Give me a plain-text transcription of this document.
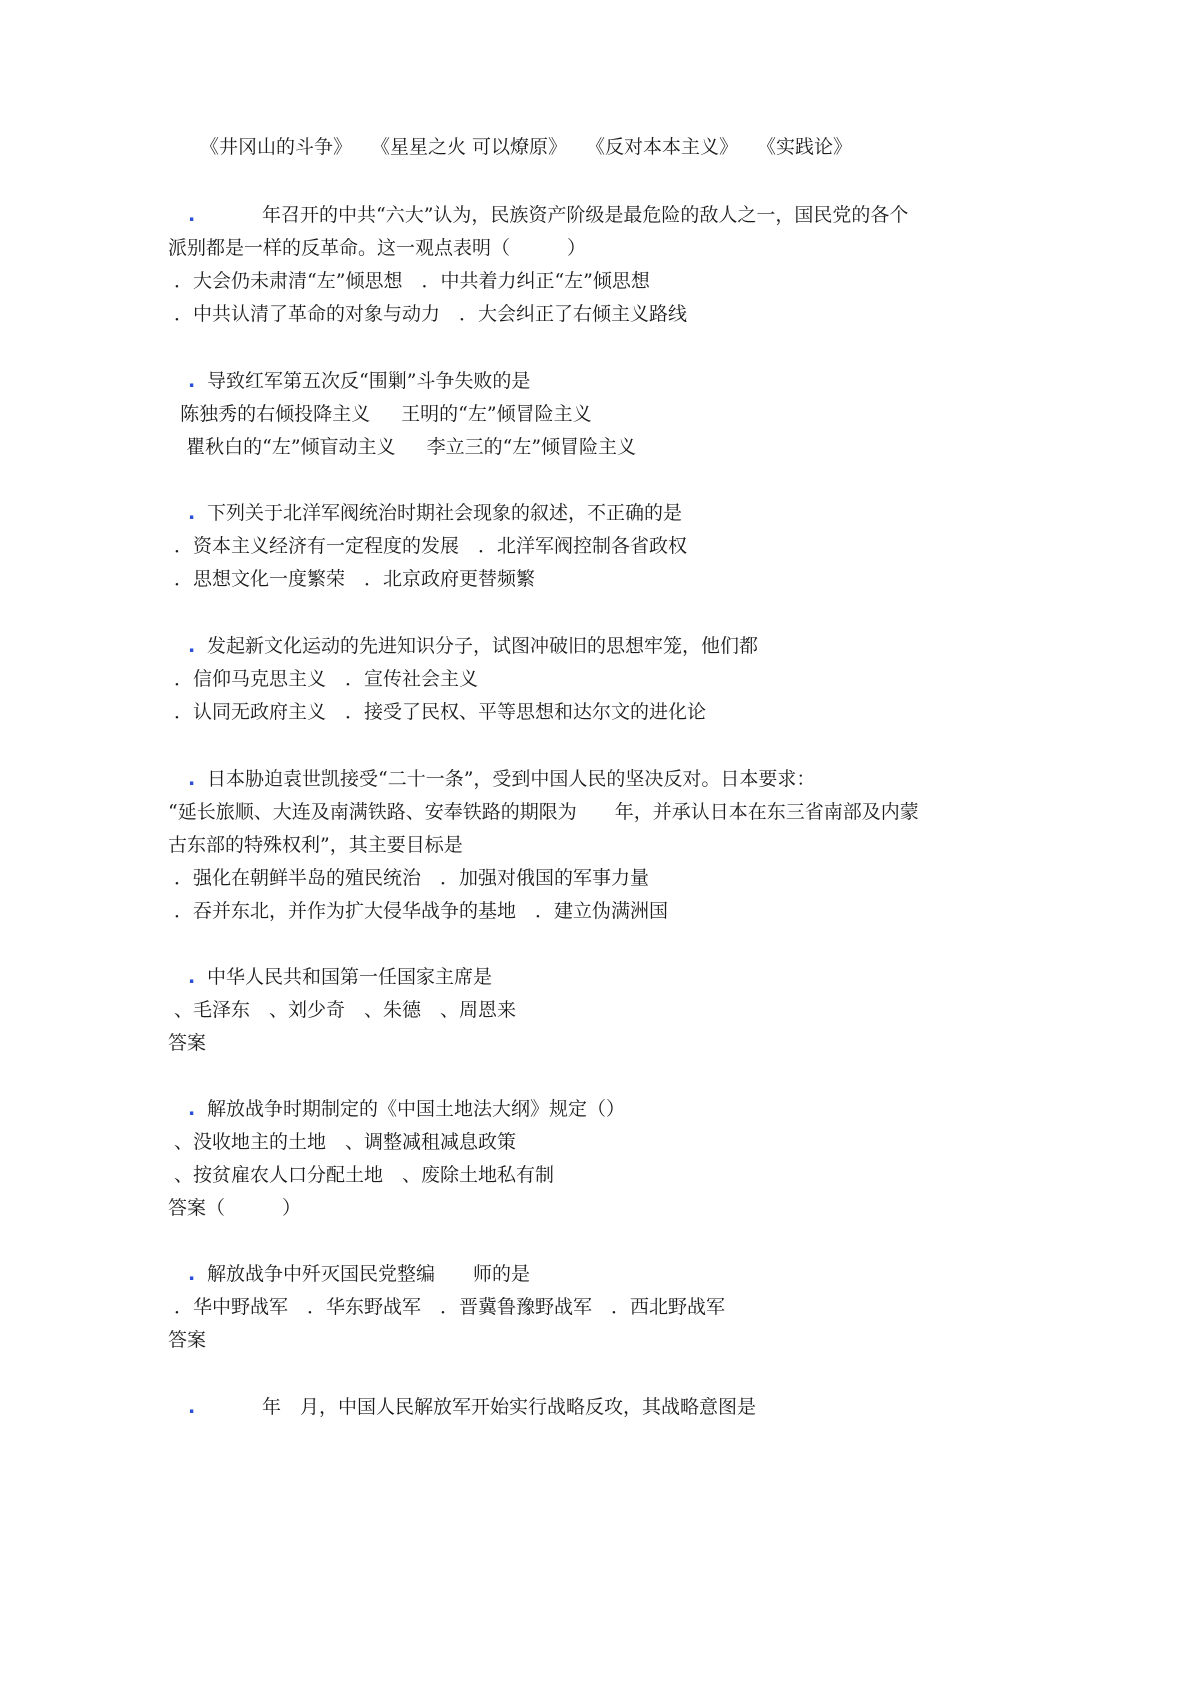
《井冈山的斗争》　　《星星之火 可以燎原》　　《反对本本主义》　　《实践论》
. 　　　年召开的中共“六大”认为，民族资产阶级是最危险的敌人之一，国民党的各个
派别都是一样的反革命。这一观点表明（　　　）
．大会仍未肃清“左”倾思想　．中共着力纠正“左”倾思想
．中共认清了革命的对象与动力　．大会纠正了右倾主义路线
. 导致红军第五次反“围剿”斗争失败的是
陈独秀的右倾投降主义　  王明的“左”倾冒险主义
瞿秋白的“左”倾盲动主义　  李立三的“左”倾冒险主义
. 下列关于北洋军阀统治时期社会现象的叙述，不正确的是
．资本主义经济有一定程度的发展　．北洋军阀控制各省政权
．思想文化一度繁荣　．北京政府更替频繁
. 发起新文化运动的先进知识分子，试图冲破旧的思想牢笼，他们都
．信仰马克思主义　．宣传社会主义
．认同无政府主义　．接受了民权、平等思想和达尔文的进化论
. 日本胁迫袁世凯接受“二十一条”，受到中国人民的坚决反对。日本要求：
“延长旅顺、大连及南满铁路、安奉铁路的期限为　　年，并承认日本在东三省南部及内蒙
古东部的特殊权利”，其主要目标是
．强化在朝鲜半岛的殖民统治　．加强对俄国的军事力量
．吞并东北，并作为扩大侵华战争的基地　．建立伪满洲国
. 中华人民共和国第一任国家主席是
、毛泽东　、刘少奇　、朱德　、周恩来
答案
. 解放战争时期制定的《中国土地法大纲》规定（）
、没收地主的土地　、调整减租减息政策
、按贫雇农人口分配土地　、废除土地私有制
答案（　　　）
. 解放战争中歼灭国民党整编　　师的是
．华中野战军　．华东野战军　．晋冀鲁豫野战军　．西北野战军
答案
. 　　　年　月，中国人民解放军开始实行战略反攻，其战略意图是
